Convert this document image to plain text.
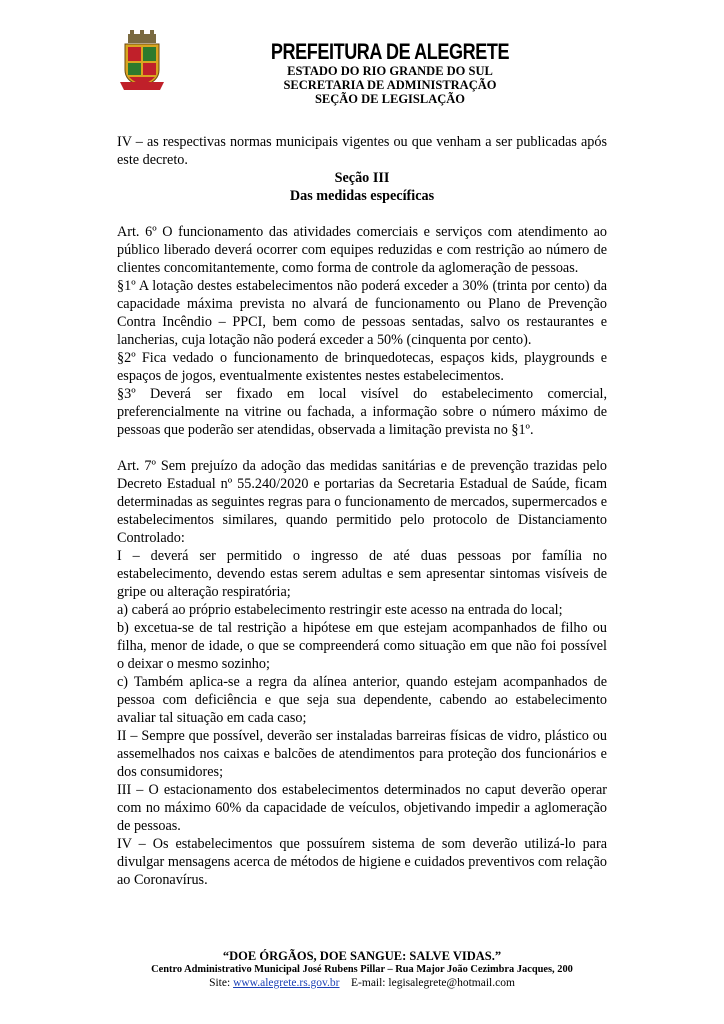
PREFEITURA DE ALEGRETE
ESTADO DO RIO GRANDE DO SUL
SECRETARIA DE ADMINISTRAÇÃO
SEÇÃO DE LEGISLAÇÃO

IV – as respectivas normas municipais vigentes ou que venham a ser publicadas após este decreto.

Seção III

Das medidas específicas

Art. 6º O funcionamento das atividades comerciais e serviços com atendimento ao público liberado deverá ocorrer com equipes reduzidas e com restrição ao número de clientes concomitantemente, como forma de controle da aglomeração de pessoas.

§1º A lotação destes estabelecimentos não poderá exceder a 30% (trinta por cento) da capacidade máxima prevista no alvará de funcionamento ou Plano de Prevenção Contra Incêndio – PPCI, bem como de pessoas sentadas, salvo os restaurantes e lancherias, cuja lotação não poderá exceder a 50% (cinquenta por cento).

§2º Fica vedado o funcionamento de brinquedotecas, espaços kids, playgrounds e espaços de jogos, eventualmente existentes nestes estabelecimentos.

§3º Deverá ser fixado em local visível do estabelecimento comercial, preferencialmente na vitrine ou fachada, a informação sobre o número máximo de pessoas que poderão ser atendidas, observada a limitação prevista no §1º.

Art. 7º Sem prejuízo da adoção das medidas sanitárias e de prevenção trazidas pelo Decreto Estadual nº 55.240/2020 e portarias da Secretaria Estadual de Saúde, ficam determinadas as seguintes regras para o funcionamento de mercados, supermercados e estabelecimentos similares, quando permitido pelo protocolo de Distanciamento Controlado:

I – deverá ser permitido o ingresso de até duas pessoas por família no estabelecimento, devendo estas serem adultas e sem apresentar sintomas visíveis de gripe ou alteração respiratória;

a) caberá ao próprio estabelecimento restringir este acesso na entrada do local;

b) excetua-se de tal restrição a hipótese em que estejam acompanhados de filho ou filha, menor de idade, o que se compreenderá como situação em que não foi possível o deixar o mesmo sozinho;

c) Também aplica-se a regra da alínea anterior, quando estejam acompanhados de pessoa com deficiência e que seja sua dependente, cabendo ao estabelecimento avaliar tal situação em cada caso;

II – Sempre que possível, deverão ser instaladas barreiras físicas de vidro, plástico ou assemelhados nos caixas e balcões de atendimentos para proteção dos funcionários e dos consumidores;

III – O estacionamento dos estabelecimentos determinados no caput deverão operar com no máximo 60% da capacidade de veículos, objetivando impedir a aglomeração de pessoas.

IV – Os estabelecimentos que possuírem sistema de som deverão utilizá-lo para divulgar mensagens acerca de métodos de higiene e cuidados preventivos com relação ao Coronavírus.

“DOE ÓRGÃOS, DOE SANGUE: SALVE VIDAS.”
Centro Administrativo Municipal José Rubens Pillar – Rua Major João Cezimbra Jacques, 200
Site: www.alegrete.rs.gov.br E-mail: legisalegrete@hotmail.com
